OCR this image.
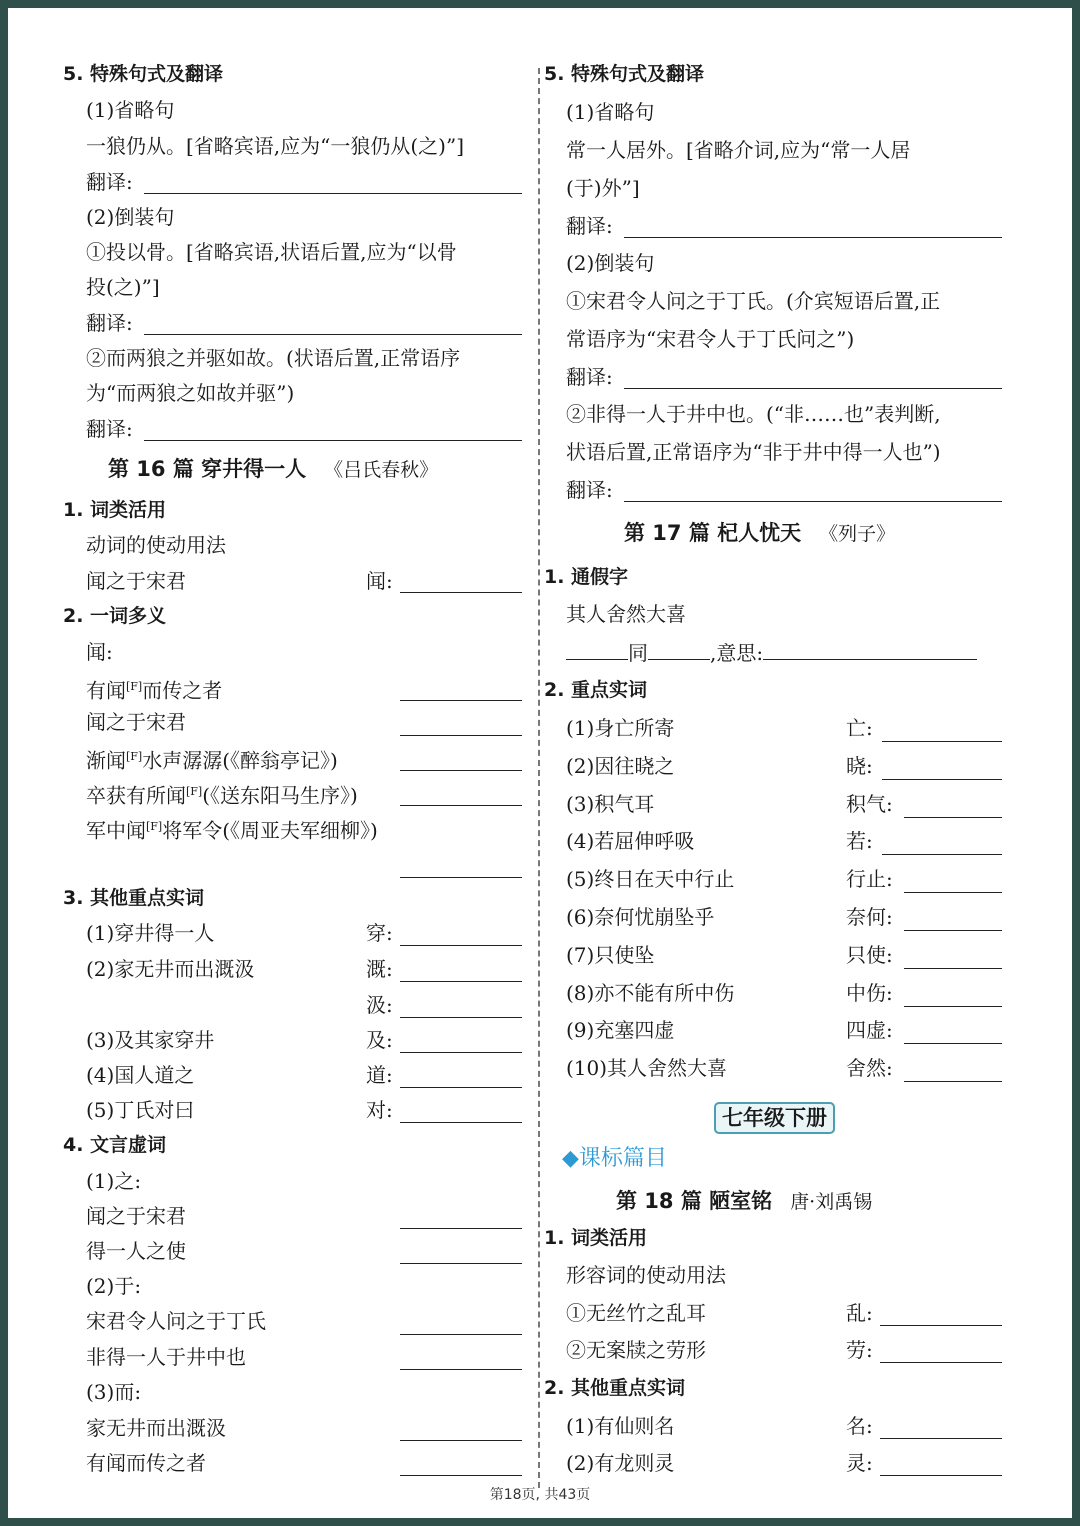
5. 特殊句式及翻译
(1)省略句
一狼仍从。[省略宾语,应为“一狼仍从(之)”]
翻译:
(2)倒装句
①投以骨。[省略宾语,状语后置,应为“以骨
投(之)”]
翻译:
②而两狼之并驱如故。(状语后置,正常语序
为“而两狼之如故并驱”)
翻译:
第 16 篇 穿井得一人 《吕氏春秋》
1. 词类活用
动词的使动用法
闻之于宋君	闻:
2. 一词多义
闻:
有闻[F]而传之者
闻之于宋君
渐闻[F]水声潺潺(《醉翁亭记》)
卒获有所闻[F](《送东阳马生序》)
军中闻[F]将军令(《周亚夫军细柳》)
3. 其他重点实词
(1)穿井得一人	穿:
(2)家无井而出溉汲	溉:
汲:
(3)及其家穿井	及:
(4)国人道之	道:
(5)丁氏对曰	对:
4. 文言虚词
(1)之:
闻之于宋君
得一人之使
(2)于:
宋君令人问之于丁氏
非得一人于井中也
(3)而:
家无井而出溉汲
有闻而传之者
5. 特殊句式及翻译
(1)省略句
常一人居外。[省略介词,应为“常一人居
(于)外”]
翻译:
(2)倒装句
①宋君令人问之于丁氏。(介宾短语后置,正
常语序为“宋君令人于丁氏问之”)
翻译:
②非得一人于井中也。(“非……也”表判断,
状语后置,正常语序为“非于井中得一人也”)
翻译:
第 17 篇 杞人忧天 《列子》
1. 通假字
其人舍然大喜
同	,意思:
2. 重点实词
(1)身亡所寄	亡:
(2)因往晓之	晓:
(3)积气耳	积气:
(4)若屈伸呼吸	若:
(5)终日在天中行止	行止:
(6)奈何忧崩坠乎	奈何:
(7)只使坠	只使:
(8)亦不能有所中伤	中伤:
(9)充塞四虚	四虚:
(10)其人舍然大喜	舍然:
七年级下册
◆课标篇目
第 18 篇 陋室铭 唐·刘禹锡
1. 词类活用
形容词的使动用法
①无丝竹之乱耳	乱:
②无案牍之劳形	劳:
2. 其他重点实词
(1)有仙则名	名:
(2)有龙则灵	灵:
第18页, 共43页
